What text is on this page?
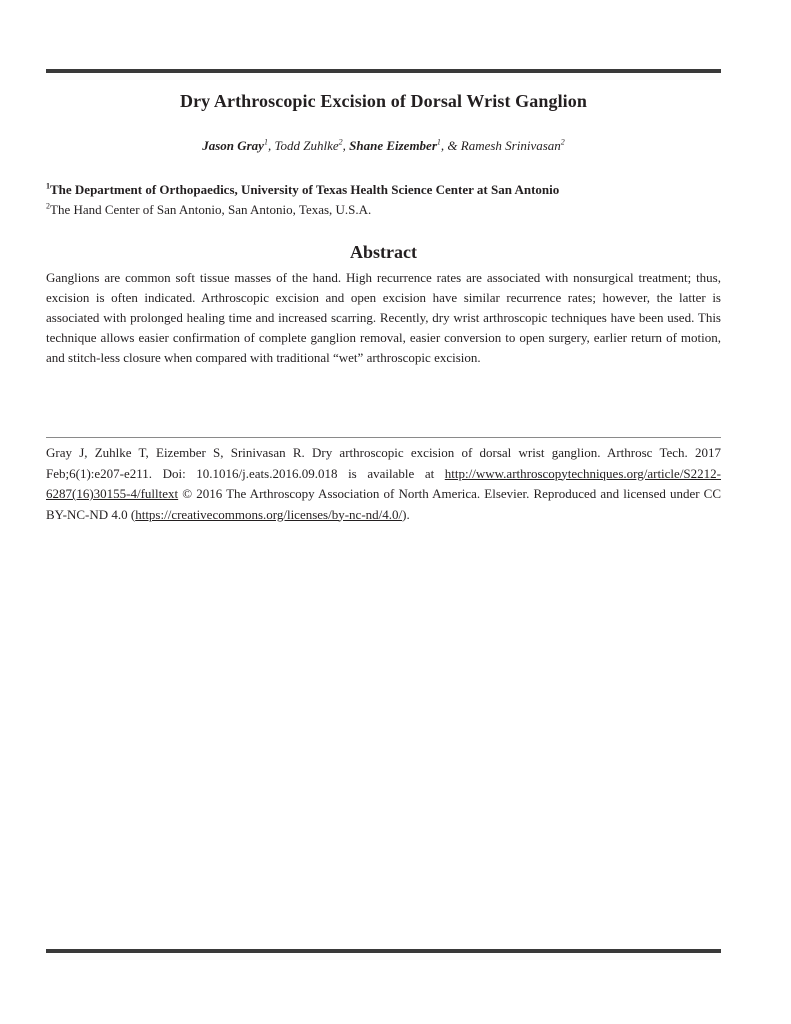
Dry Arthroscopic Excision of Dorsal Wrist Ganglion
Jason Gray$^1$, Todd Zuhlke$^2$, Shane Eizember$^1$, & Ramesh Srinivasan$^2$
$^1$The Department of Orthopaedics, University of Texas Health Science Center at San Antonio
$^2$The Hand Center of San Antonio, San Antonio, Texas, U.S.A.
Abstract

Ganglions are common soft tissue masses of the hand. High recurrence rates are associated with nonsurgical treatment; thus, excision is often indicated. Arthroscopic excision and open excision have similar recurrence rates; however, the latter is associated with prolonged healing time and increased scarring. Recently, dry wrist arthroscopic techniques have been used. This technique allows easier confirmation of complete ganglion removal, easier conversion to open surgery, earlier return of motion, and stitch-less closure when compared with traditional “wet” arthroscopic excision.

Gray J, Zuhlke T, Eizember S, Srinivasan R. Dry arthroscopic excision of dorsal wrist ganglion. Arthrosc Tech. 2017 Feb;6(1):e207-e211. Doi: 10.1016/j.eats.2016.09.018 is available at http://www.arthroscopytechniques.org/article/S2212-6287(16)30155-4/fulltext © 2016 The Arthroscopy Association of North America. Elsevier. Reproduced and licensed under CC BY-NC-ND 4.0 (https://creativecommons.org/licenses/by-nc-nd/4.0/).
